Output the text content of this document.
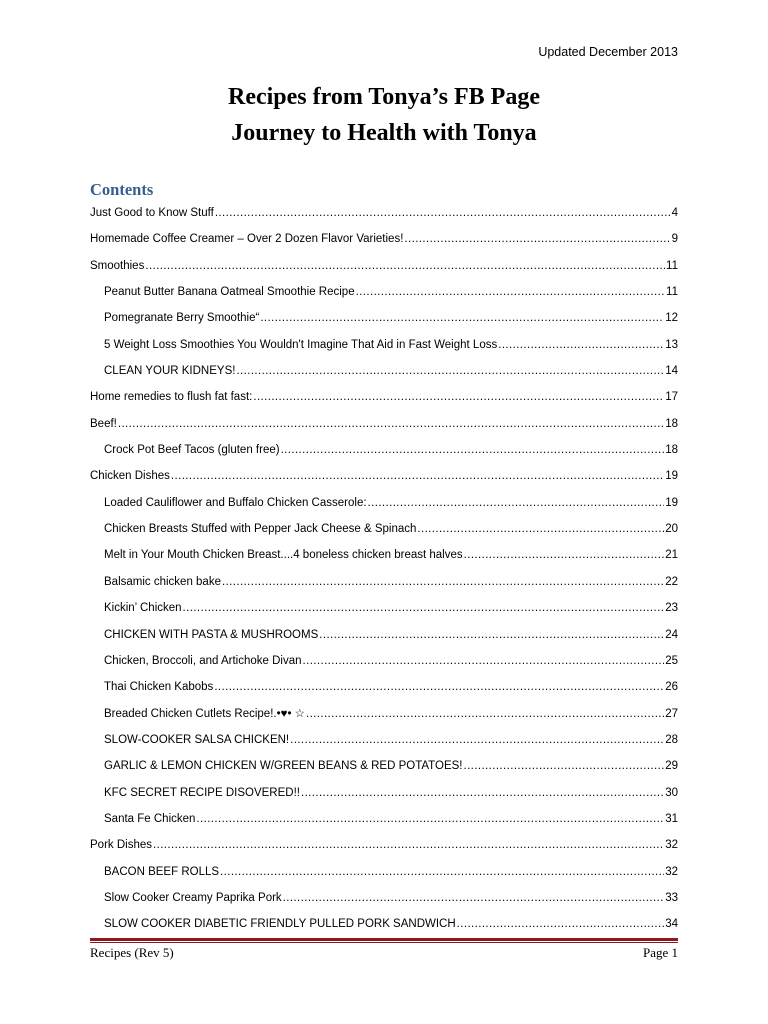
Updated December 2013
Recipes from Tonya’s FB Page
Journey to Health with Tonya
Contents
Just Good to Know Stuff .....	4
Homemade Coffee Creamer – Over 2 Dozen Flavor Varieties! .....	9
Smoothies .....	11
Peanut Butter Banana Oatmeal Smoothie Recipe .....	11
Pomegranate Berry Smoothie“ .....	12
5 Weight Loss Smoothies You Wouldn't Imagine That Aid in Fast Weight Loss .....	13
CLEAN YOUR KIDNEYS! .....	14
Home remedies to flush fat fast: .....	17
Beef! .....	18
Crock Pot Beef Tacos (gluten free) .....	18
Chicken Dishes .....	19
Loaded Cauliflower and Buffalo Chicken Casserole: .....	19
Chicken Breasts Stuffed with Pepper Jack Cheese & Spinach .....	20
Melt in Your Mouth Chicken Breast....4 boneless chicken breast halves .....	21
Balsamic chicken bake .....	22
Kickin’ Chicken .....	23
CHICKEN WITH PASTA & MUSHROOMS .....	24
Chicken, Broccoli, and Artichoke Divan .....	25
Thai Chicken Kabobs .....	26
Breaded Chicken Cutlets Recipe!.•♥• ☆ .....	27
SLOW-COOKER SALSA CHICKEN! .....	28
GARLIC & LEMON CHICKEN W/GREEN BEANS & RED POTATOES! .....	29
KFC SECRET RECIPE DISOVERED!! .....	30
Santa Fe Chicken .....	31
Pork Dishes .....	32
BACON BEEF ROLLS .....	32
Slow Cooker Creamy Paprika Pork .....	33
SLOW COOKER DIABETIC FRIENDLY PULLED PORK SANDWICH .....	34
Recipes (Rev 5)	Page 1
